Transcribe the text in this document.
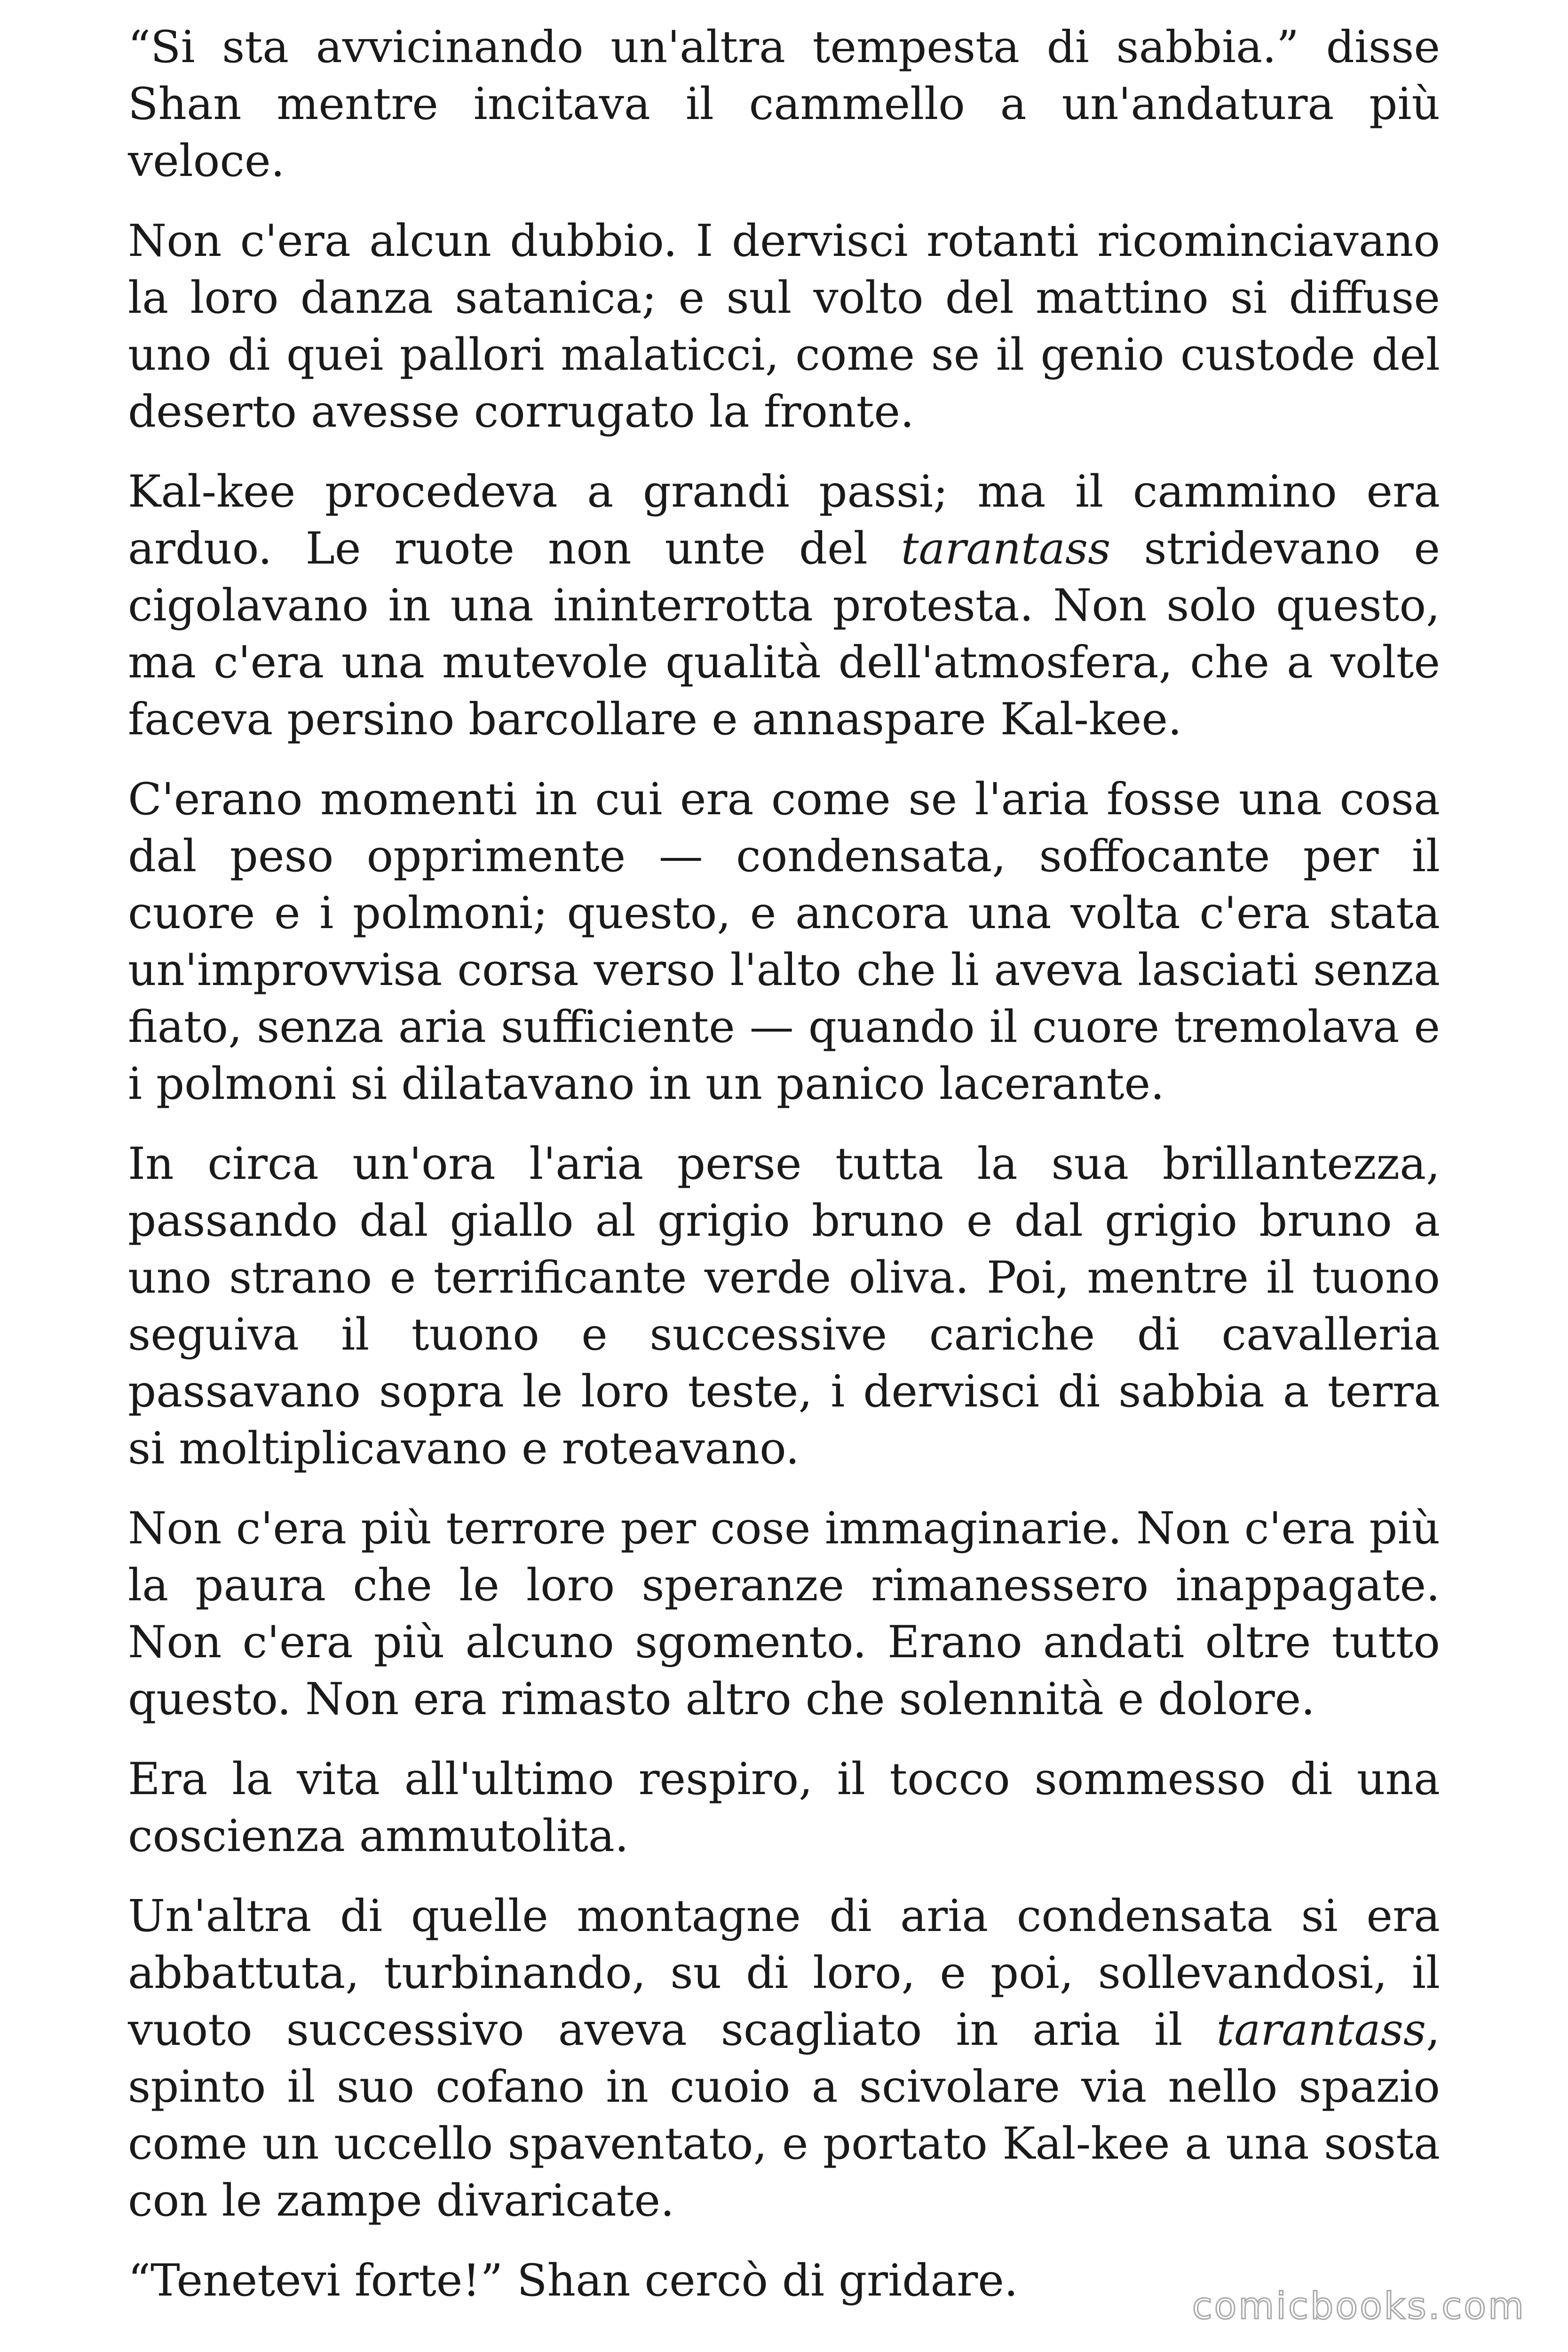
“Si sta avvicinando un'altra tempesta di sabbia.” disse Shan mentre incitava il cammello a un'andatura più veloce.

Non c'era alcun dubbio. I dervisci rotanti ricominciavano la loro danza satanica; e sul volto del mattino si diffuse uno di quei pallori malaticci, come se il genio custode del deserto avesse corrugato la fronte.

Kal-kee procedeva a grandi passi; ma il cammino era arduo. Le ruote non unte del tarantass stridevano e cigolavano in una ininterrotta protesta. Non solo questo, ma c'era una mutevole qualità dell'atmosfera, che a volte faceva persino barcollare e annaspare Kal-kee.

C'erano momenti in cui era come se l'aria fosse una cosa dal peso opprimente — condensata, soffocante per il cuore e i polmoni; questo, e ancora una volta c'era stata un'improvvisa corsa verso l'alto che li aveva lasciati senza fiato, senza aria sufficiente — quando il cuore tremolava e i polmoni si dilatavano in un panico lacerante.

In circa un'ora l'aria perse tutta la sua brillantezza, passando dal giallo al grigio bruno e dal grigio bruno a uno strano e terrificante verde oliva. Poi, mentre il tuono seguiva il tuono e successive cariche di cavalleria passavano sopra le loro teste, i dervisci di sabbia a terra si moltiplicavano e roteavano.

Non c'era più terrore per cose immaginarie. Non c'era più la paura che le loro speranze rimanessero inappagate. Non c'era più alcuno sgomento. Erano andati oltre tutto questo. Non era rimasto altro che solennità e dolore.

Era la vita all'ultimo respiro, il tocco sommesso di una coscienza ammutolita.

Un'altra di quelle montagne di aria condensata si era abbattuta, turbinando, su di loro, e poi, sollevandosi, il vuoto successivo aveva scagliato in aria il tarantass, spinto il suo cofano in cuoio a scivolare via nello spazio come un uccello spaventato, e portato Kal-kee a una sosta con le zampe divaricate.

“Tenetevi forte!” Shan cercò di gridare.	comicbooks.com
